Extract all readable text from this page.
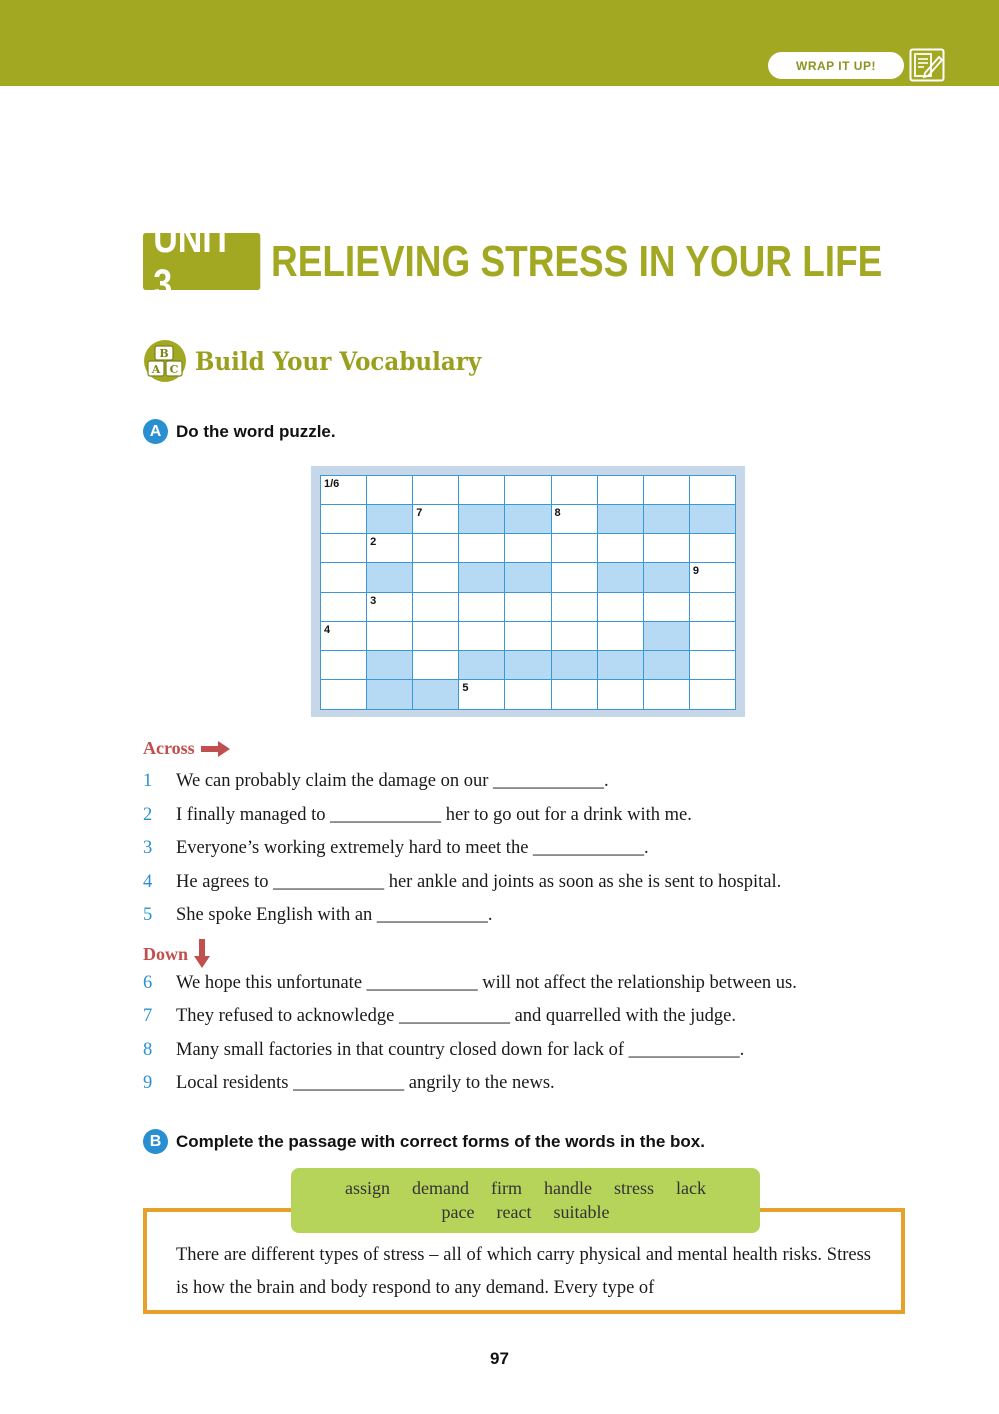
WRAP IT UP!
UNIT 3	RELIEVING STRESS IN YOUR LIFE
B
A C Build Your Vocabulary
A Do the word puzzle.
1/6
7	8
2
9
3
4
5
Across
1 We can probably claim the damage on our ____________.
2 I finally managed to ____________ her to go out for a drink with me.
3 Everyone’s working extremely hard to meet the ____________.
4 He agrees to ____________ her ankle and joints as soon as she is sent to hospital.
5 She spoke English with an ____________.
Down
6 We hope this unfortunate ____________ will not affect the relationship between us.
7 They refused to acknowledge ____________ and quarrelled with the judge.
8 Many small factories in that country closed down for lack of ____________.
9 Local residents ____________ angrily to the news.
B Complete the passage with correct forms of the words in the box.
assign demand firm handle stress lack
pace react suitable
There are different types of stress – all of which carry physical and mental health risks. Stress is how the brain and body respond to any demand. Every type of
97
